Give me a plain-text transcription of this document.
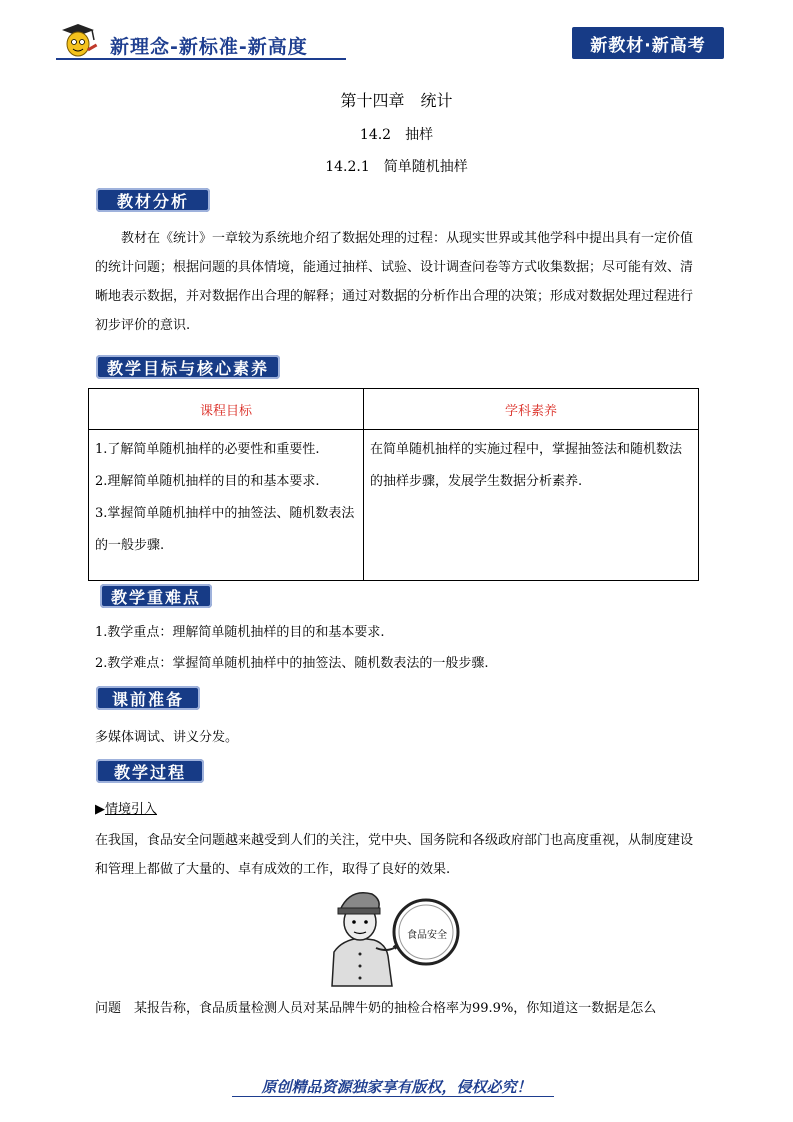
新理念-新标准-新高度	新教材·新高考
第十四章　统计
14.2　抽样
14.2.1　简单随机抽样
教材分析
教材在《统计》一章较为系统地介绍了数据处理的过程：从现实世界或其他学科中提出具有一定价值的统计问题；根据问题的具体情境，能通过抽样、试验、设计调查问卷等方式收集数据；尽可能有效、清晰地表示数据，并对数据作出合理的解释；通过对数据的分析作出合理的决策；形成对数据处理过程进行初步评价的意识.
教学目标与核心素养
课程目标	学科素养

1.了解简单随机抽样的必要性和重要性.
2.理解简单随机抽样的目的和基本要求.
3.掌握简单随机抽样中的抽签法、随机数表法的一般步骤.	在简单随机抽样的实施过程中，掌握抽签法和随机数法的抽样步骤，发展学生数据分析素养.
教学重难点
1.教学重点：理解简单随机抽样的目的和基本要求.
2.教学难点：掌握简单随机抽样中的抽签法、随机数表法的一般步骤.
课前准备
多媒体调试、讲义分发。
教学过程
▶情境引入
在我国，食品安全问题越来越受到人们的关注，党中央、国务院和各级政府部门也高度重视，从制度建设和管理上都做了大量的、卓有成效的工作，取得了良好的效果.
食品安全
问题　某报告称，食品质量检测人员对某品牌牛奶的抽检合格率为99.9%，你知道这一数据是怎么
原创精品资源独家享有版权，侵权必究！
